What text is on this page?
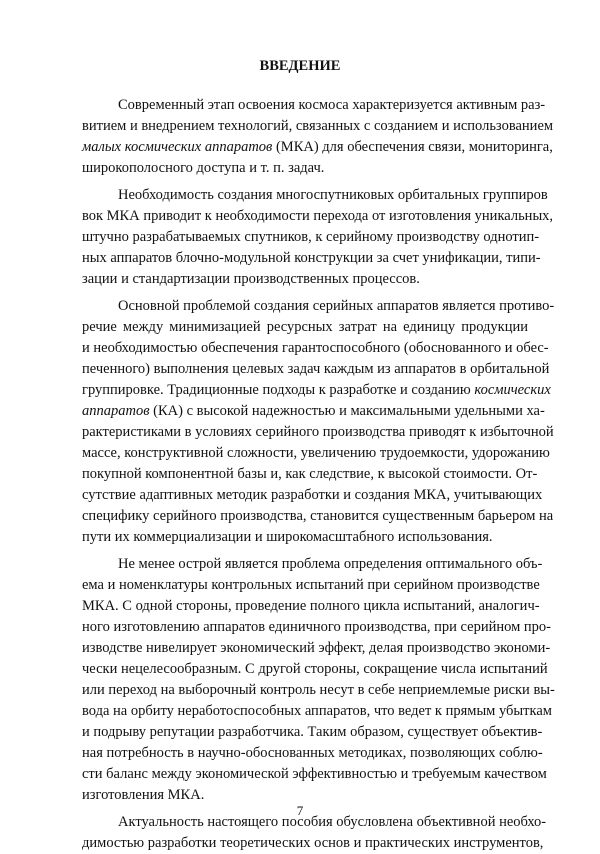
ВВЕДЕНИЕ
Современный этап освоения космоса характеризуется активным раз-
витием и внедрением технологий, связанных с созданием и использованием
малых космических аппаратов (МКА) для обеспечения связи, мониторинга,
широкополосного доступа и т. п. задач.
Необходимость создания многоспутниковых орбитальных группиров
вок МКА приводит к необходимости перехода от изготовления уникальных,
штучно разрабатываемых спутников, к серийному производству однотип-
ных аппаратов блочно-модульной конструкции за счет унификации, типи-
зации и стандартизации производственных процессов.
Основной проблемой создания серийных аппаратов является противо-
речие между минимизацией ресурсных затрат на единицу продукции
и необходимостью обеспечения гарантоспособного (обоснованного и обес-
печенного) выполнения целевых задач каждым из аппаратов в орбитальной
группировке. Традиционные подходы к разработке и созданию космических
аппаратов (КА) с высокой надежностью и максимальными удельными ха-
рактеристиками в условиях серийного производства приводят к избыточной
массе, конструктивной сложности, увеличению трудоемкости, удорожанию
покупной компонентной базы и, как следствие, к высокой стоимости. От-
сутствие адаптивных методик разработки и создания МКА, учитывающих
специфику серийного производства, становится существенным барьером на
пути их коммерциализации и широкомасштабного использования.
Не менее острой является проблема определения оптимального объ-
ема и номенклатуры контрольных испытаний при серийном производстве
МКА. С одной стороны, проведение полного цикла испытаний, аналогич-
ного изготовлению аппаратов единичного производства, при серийном про-
изводстве нивелирует экономический эффект, делая производство экономи-
чески нецелесообразным. С другой стороны, сокращение числа испытаний
или переход на выборочный контроль несут в себе неприемлемые риски вы-
вода на орбиту неработоспособных аппаратов, что ведет к прямым убыткам
и подрыву репутации разработчика. Таким образом, существует объектив-
ная потребность в научно-обоснованных методиках, позволяющих соблю-
сти баланс между экономической эффективностью и требуемым качеством
изготовления МКА.
Актуальность настоящего пособия обусловлена объективной необхо-
димостью разработки теоретических основ и практических инструментов,
7
